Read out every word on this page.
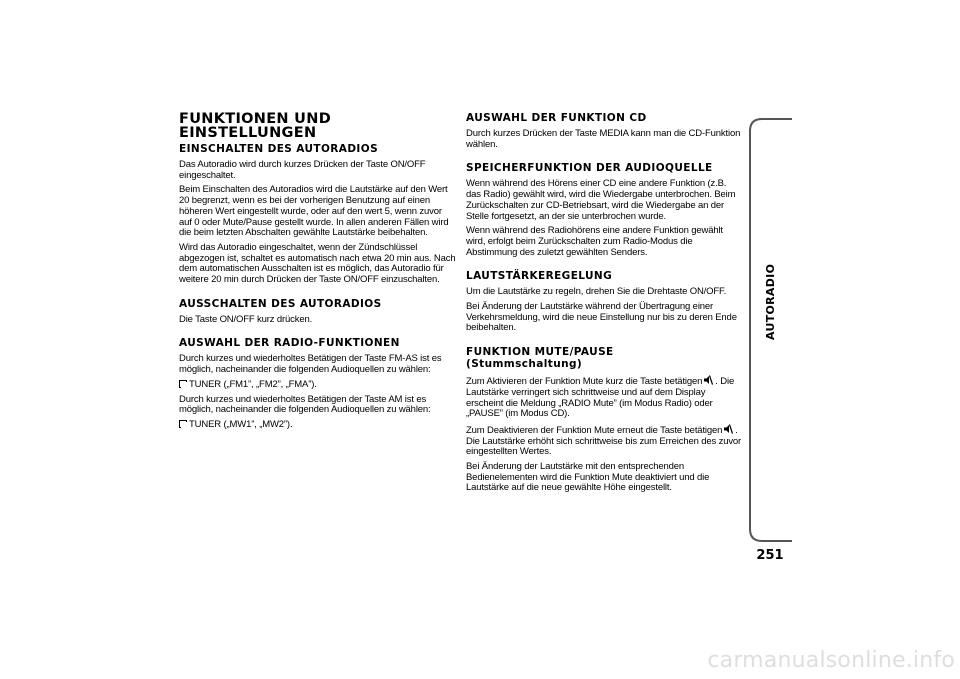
FUNKTIONEN UND
EINSTELLUNGEN
EINSCHALTEN DES AUTORADIOS

Das Autoradio wird durch kurzes Drücken der Taste ON/OFF eingeschaltet.

Beim Einschalten des Autoradios wird die Lautstärke auf den Wert 20 begrenzt, wenn es bei der vorherigen Benutzung auf einen höheren Wert eingestellt wurde, oder auf den wert 5, wenn zuvor auf 0 oder Mute/Pause gestellt wurde. In allen anderen Fällen wird die beim letzten Abschalten gewählte Lautstärke beibehalten.

Wird das Autoradio eingeschaltet, wenn der Zündschlüssel abgezogen ist, schaltet es automatisch nach etwa 20 min aus. Nach dem automatischen Ausschalten ist es möglich, das Autoradio für weitere 20 min durch Drücken der Taste ON/OFF einzuschalten.

AUSSCHALTEN DES AUTORADIOS

Die Taste ON/OFF kurz drücken.

AUSWAHL DER RADIO-FUNKTIONEN

Durch kurzes und wiederholtes Betätigen der Taste FM-AS ist es möglich, nacheinander die folgenden Audioquellen zu wählen:

TUNER („FM1”, „FM2”, „FMA”).

Durch kurzes und wiederholtes Betätigen der Taste AM ist es möglich, nacheinander die folgenden Audioquellen zu wählen:

TUNER („MW1”, „MW2”).

AUSWAHL DER FUNKTION CD

Durch kurzes Drücken der Taste MEDIA kann man die CD-Funktion wählen.

SPEICHERFUNKTION DER AUDIOQUELLE

Wenn während des Hörens einer CD eine andere Funktion (z.B. das Radio) gewählt wird, wird die Wiedergabe unterbrochen. Beim Zurückschalten zur CD-Betriebsart, wird die Wiedergabe an der Stelle fortgesetzt, an der sie unterbrochen wurde.

Wenn während des Radiohörens eine andere Funktion gewählt wird, erfolgt beim Zurückschalten zum Radio-Modus die Abstimmung des zuletzt gewählten Senders.

LAUTSTÄRKEREGELUNG

Um die Lautstärke zu regeln, drehen Sie die Drehtaste ON/OFF.

Bei Änderung der Lautstärke während der Übertragung einer Verkehrsmeldung, wird die neue Einstellung nur bis zu deren Ende beibehalten.

FUNKTION MUTE/PAUSE
(Stummschaltung)

Zum Aktivieren der Funktion Mute kurz die Taste betätigen . Die Lautstärke verringert sich schrittweise und auf dem Display erscheint die Meldung „RADIO Mute” (im Modus Radio) oder „PAUSE” (im Modus CD).

Zum Deaktivieren der Funktion Mute erneut die Taste betätigen . Die Lautstärke erhöht sich schrittweise bis zum Erreichen des zuvor eingestellten Wertes.

Bei Änderung der Lautstärke mit den entsprechenden Bedienelementen wird die Funktion Mute deaktiviert und die Lautstärke auf die neue gewählte Höhe eingestellt.

AUTORADIO
251
carmanualsonline.info
